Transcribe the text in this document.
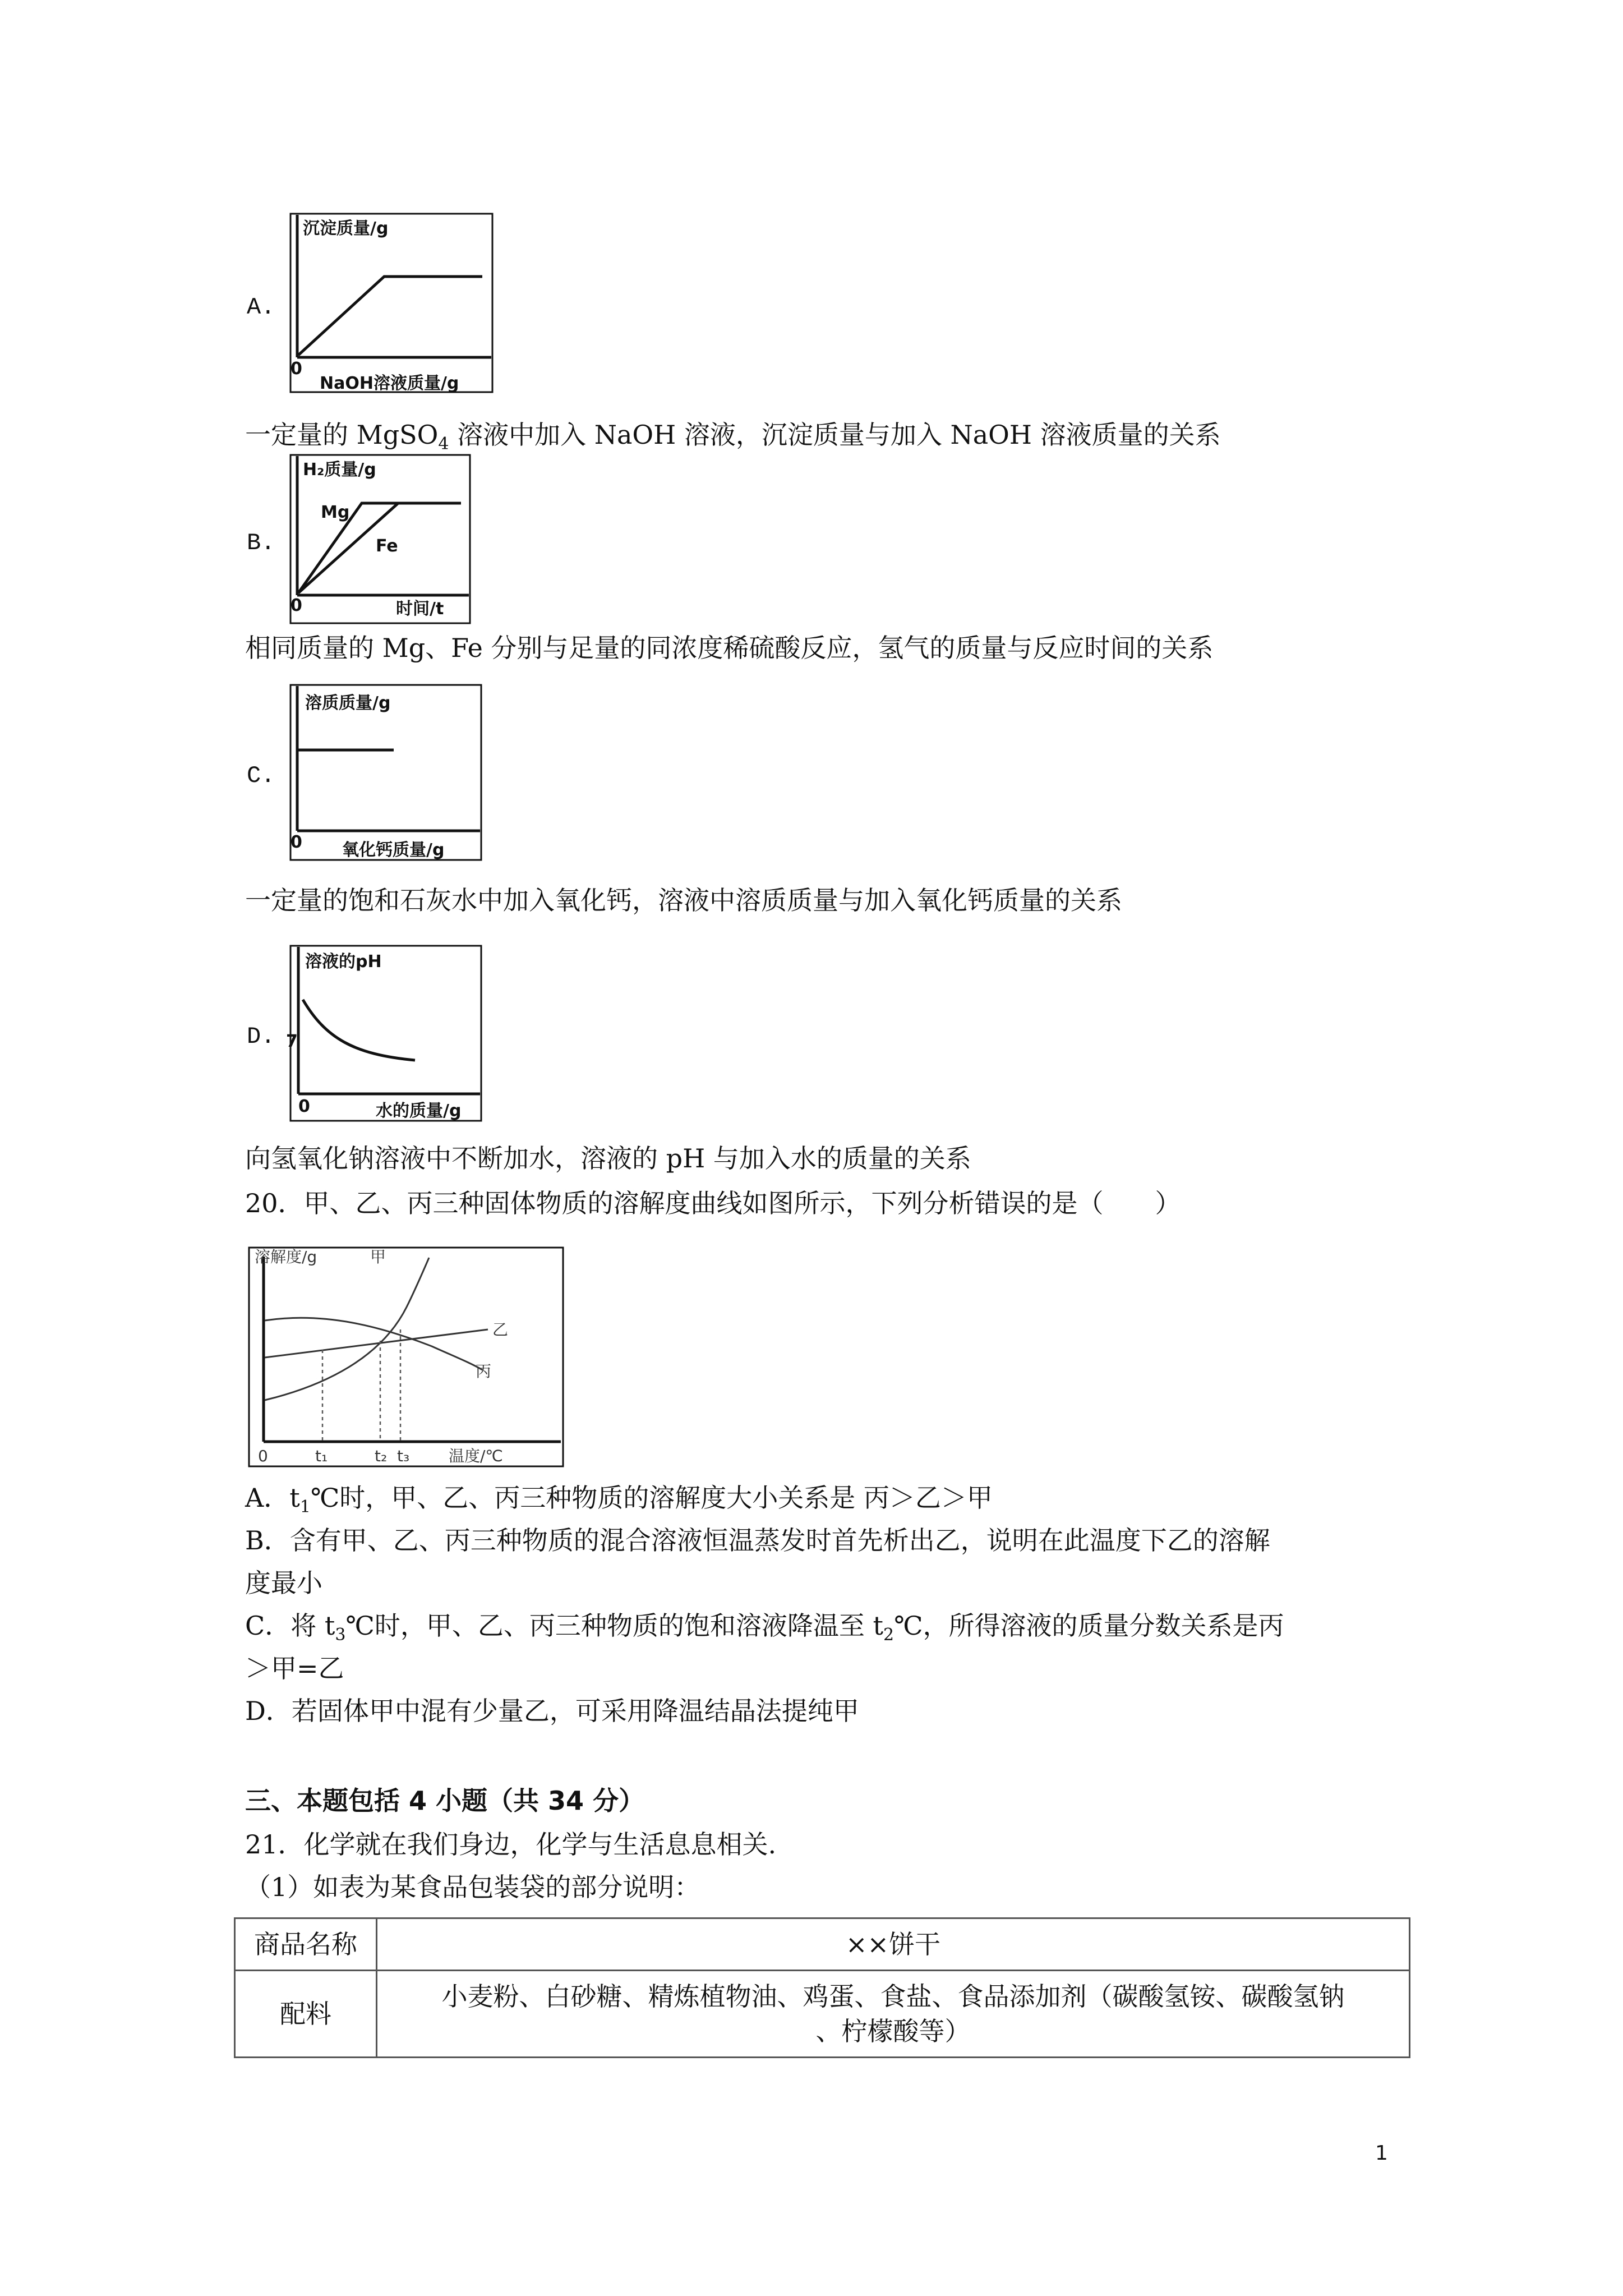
A.
沉淀质量/g
0
NaOH溶液质量/g
一定量的 MgSO$_4$ 溶液中加入 NaOH 溶液，沉淀质量与加入 NaOH 溶液质量的关系
B.
H₂质量/g
0	时间/t
Mg
Fe
相同质量的 Mg、Fe 分别与足量的同浓度稀硫酸反应，氢气的质量与反应时间的关系
C.
溶质质量/g
0 氧化钙质量/g
一定量的饱和石灰水中加入氧化钙，溶液中溶质质量与加入氧化钙质量的关系
D.
溶液的pH
7
0	水的质量/g
向氢氧化钠溶液中不断加水，溶液的 pH 与加入水的质量的关系
20．甲、乙、丙三种固体物质的溶解度曲线如图所示，下列分析错误的是（　　）
溶解度/g	甲
温度/℃
0	t₁	t₂ t₃
乙
丙
A．$t_1℃$时，甲、乙、丙三种物质的溶解度大小关系是 丙＞乙＞甲
B．含有甲、乙、丙三种物质的混合溶液恒温蒸发时首先析出乙，说明在此温度下乙的溶解
度最小
C．将 $t_3℃$时，甲、乙、丙三种物质的饱和溶液降温至 $t_2℃$，所得溶液的质量分数关系是丙
＞甲=乙
D．若固体甲中混有少量乙，可采用降温结晶法提纯甲
三、本题包括 4 小题（共 34 分）
21．化学就在我们身边，化学与生活息息相关.
（1）如表为某食品包装袋的部分说明：
商品名称	××饼干
配料	小麦粉、白砂糖、精炼植物油、鸡蛋、食盐、食品添加剂（碳酸氢铵、碳酸氢钠
、柠檬酸等）
1
